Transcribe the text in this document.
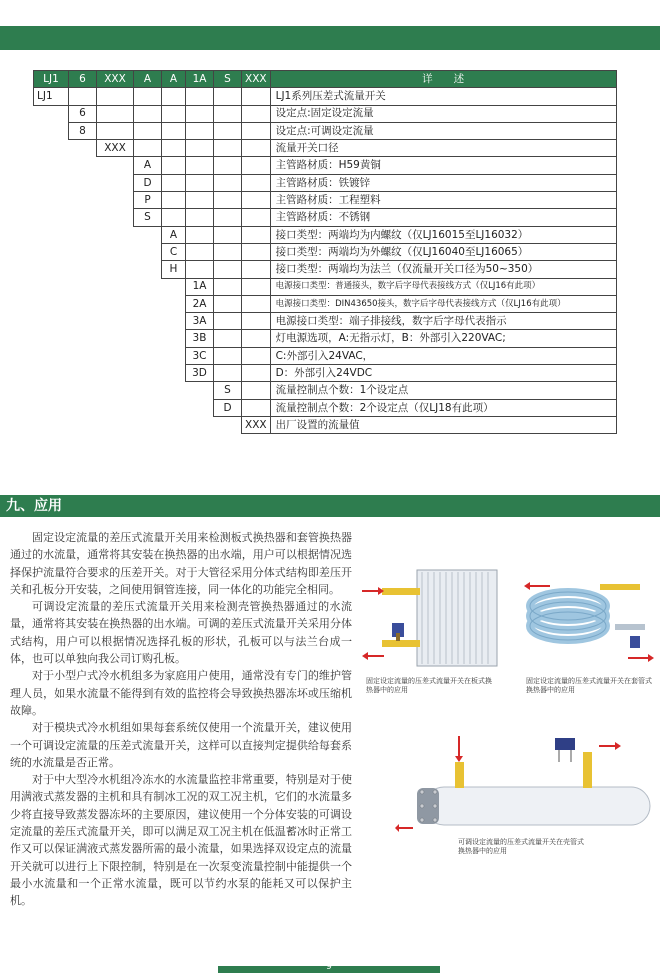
LJ1	6	XXX	A	A	1A	S	XXX	详　　述
LJ1								LJ1系列压差式流量开关
	6							设定点:固定设定流量
	8							设定点:可调设定流量
		XXX						流量开关口径
			A					主管路材质：H59黄铜
			D					主管路材质：铁镀锌
			P					主管路材质：工程塑料
			S					主管路材质：不锈钢
				A				接口类型：两端均为内螺纹（仅LJ16015至LJ16032）
				C				接口类型：两端均为外螺纹（仅LJ16040至LJ16065）
				H				接口类型：两端均为法兰（仅流量开关口径为50~350）
					1A			电源接口类型：普通接头，数字后字母代表接线方式（仅LJ16有此项）
					2A			电源接口类型：DIN43650接头，数字后字母代表接线方式（仅LJ16有此项）
					3A			电源接口类型：端子排接线，数字后字母代表指示
					3B			灯电源选项，A:无指示灯，B：外部引入220VAC;
					3C			C:外部引入24VAC，
					3D			D：外部引入24VDC
						S		流量控制点个数：1个设定点
						D		流量控制点个数：2个设定点（仅LJ18有此项）
							XXX	出厂设置的流量值
九、应用

固定设定流量的差压式流量开关用来检测板式换热器和套管换热器通过的水流量，通常将其安装在换热器的出水端，用户可以根据情况选择保护流量符合要求的压差开关。对于大管径采用分体式结构即差压开关和孔板分开安装，之间使用铜管连接，同一体化的功能完全相同。

可调设定流量的差压式流量开关用来检测壳管换热器通过的水流量，通常将其安装在换热器的出水端。可调的差压式流量开关采用分体式结构，用户可以根据情况选择孔板的形状，孔板可以与法兰台成一体，也可以单独向我公司订购孔板。

对于小型户式冷水机组多为家庭用户使用，通常没有专门的维护管理人员，如果水流量不能得到有效的监控将会导致换热器冻坏或压缩机故障。

对于模块式冷水机组如果每套系统仅使用一个流量开关，建议使用一个可调设定流量的压差式流量开关，这样可以直接判定提供给每套系统的水流量是否正常。

对于中大型冷水机组冷冻水的水流量监控非常重要，特别是对于使用满液式蒸发器的主机和具有制冰工况的双工况主机，它们的水流量多少将直接导致蒸发器冻坏的主要原因，建议使用一个分体安装的可调设定流量的差压式流量开关，即可以满足双工况主机在低温蓄冰时正常工作又可以保证满液式蒸发器所需的最小流量，如果选择双设定点的流量开关就可以进行上下限控制，特别是在一次泵变流量控制中能提供一个最小水流量和一个正常水流量，既可以节约水泵的能耗又可以保护主机。

固定设定流量的压差式流量开关在板式换热器中的应用
固定设定流量的压差式流量开关在套管式换热器中的应用
可调设定流量的压差式流量开关在壳管式换热器中的应用
9
